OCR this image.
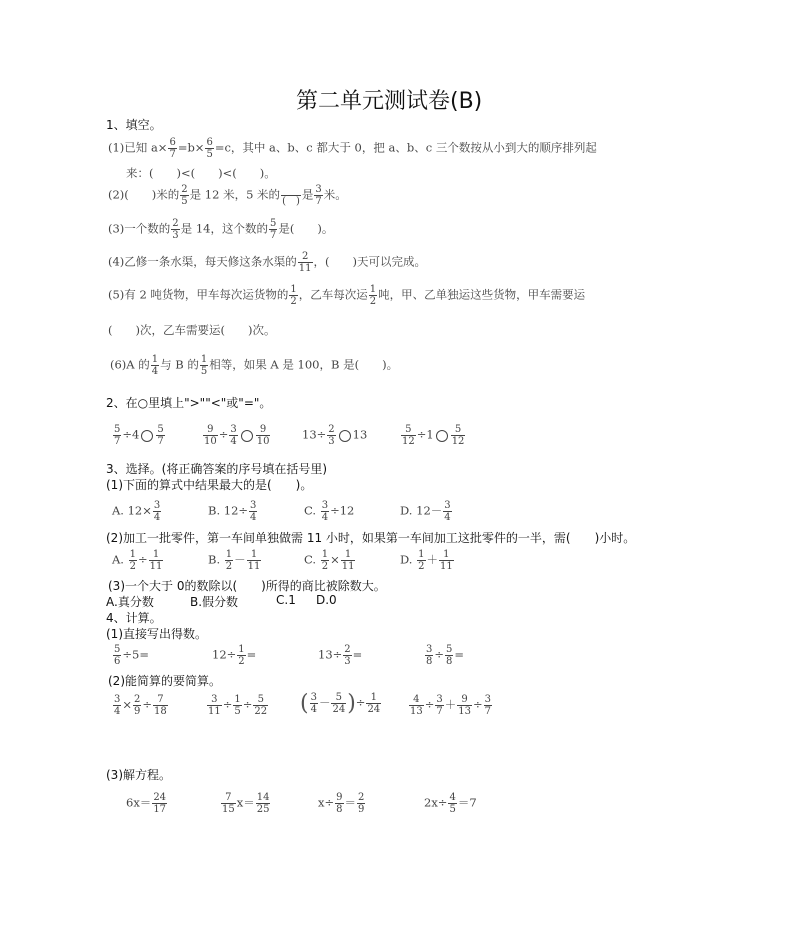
第二单元测试卷(B)
1、填空。
(1)已知 $a\times \frac{6}{7} =b\times \frac{6}{5} =c$，其中 a、b、c 都大于 0，把 a、b、c 三个数按从小到大的顺序排列起
来：(　　)<(　　)<(　　)。
(2)(　　)米的 $\frac{2}{5}$ 是 12 米，5 米的
    (  ) 是 $\frac{3}{7}$ 米。
(3)一个数的 $\frac{2}{3}$ 是 14，这个数的 $\frac{5}{7}$ 是(　　)。
(4)乙修一条水渠，每天修这条水渠的 $\frac{2}{11}$ ，(　　)天可以完成。
(5)有 2 吨货物，甲车每次运货物的 $\frac{1}{2}$ ，乙车每次运 $\frac{1}{2}$ 吨，甲、乙单独运这些货物，甲车需要运
(　　)次，乙车需要运(　　)次。
(6)A 的 $\frac{1}{4}$ 与 B 的 $\frac{1}{5}$ 相等，如果 A 是 100，B 是(　　)。
2、在○里填上">""<"或"="。
$\frac{5}{7} \div 4 \frac{5}{7}$	$\frac{9}{10} \div \frac{3}{4} \frac{9}{10}$	$13\div \frac{2}{3} 13$	$\frac{5}{12} \div 1 \frac{5}{12}$
3、选择。(将正确答案的序号填在括号里)
(1)下面的算式中结果最大的是(　　)。
A. $12\times \frac{3}{4}$	B. $12\div \frac{3}{4}$	C. $\frac{3}{4} \div 12$	D. $12- \frac{3}{4}$
(2)加工一批零件，第一车间单独做需 11 小时，如果第一车间加工这批零件的一半，需(　　)小时。
A. $\frac{1}{2} \div \frac{1}{11}$	B. $\frac{1}{2} - \frac{1}{11}$	C. $\frac{1}{2} \times \frac{1}{11}$	D. $\frac{1}{2} + \frac{1}{11}$
(3)一个大于 0的数除以(　　)所得的商比被除数大。
A.真分数	B.假分数	C.1 D.0
4、计算。
(1)直接写出得数。
$\frac{5}{6} \div 5=$	$12\div \frac{1}{2}$ =	$13\div \frac{2}{3}$ =	$\frac{3}{8} \div \frac{5}{8}$ =
(2)能简算的要简算。
$\frac{3}{4} \times \frac{2}{9} \div \frac{7}{18}$	$\frac{3}{11} \div \frac{1}{5} \div \frac{5}{22}$ ( $\frac{3}{4} - \frac{5}{24}$ )÷ $\frac{1}{24}$	$\frac{4}{13} \div \frac{3}{7} + \frac{9}{13} \div \frac{3}{7}$
(3)解方程。
$6x= \frac{24}{17}$	$\frac{7}{15} x= \frac{14}{25}$	$x\div \frac{9}{8} = \frac{2}{9}$	$2x\div \frac{4}{5} =7$
